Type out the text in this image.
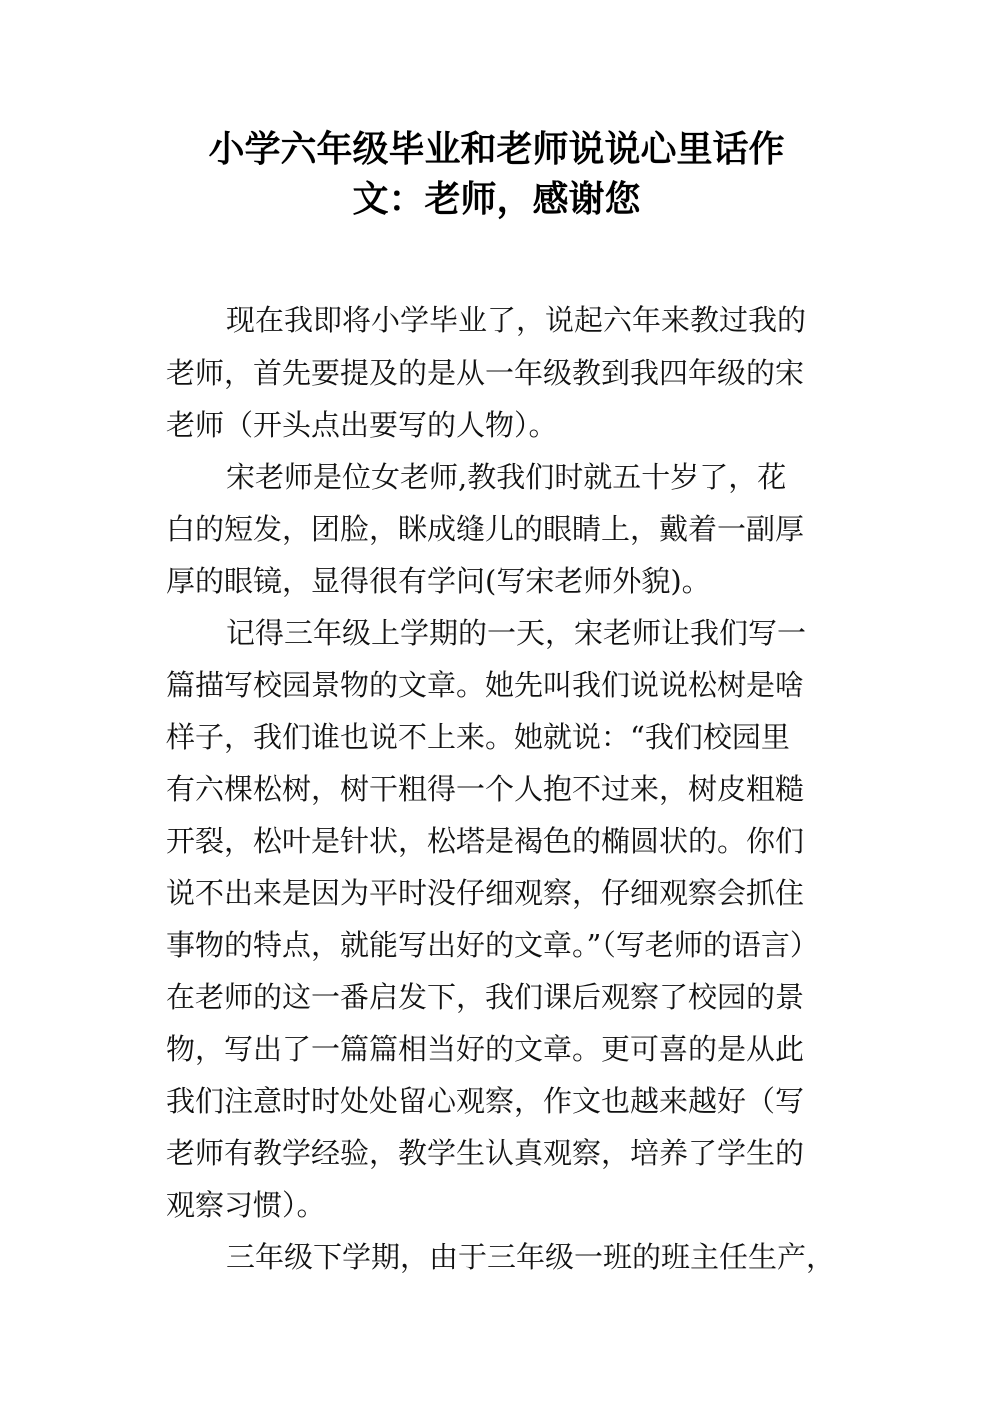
小学六年级毕业和老师说说心里话作
文：老师，感谢您
现在我即将小学毕业了，说起六年来教过我的
老师，首先要提及的是从一年级教到我四年级的宋
老师（开头点出要写的人物）。
宋老师是位女老师,教我们时就五十岁了，花
白的短发，团脸，眯成缝儿的眼睛上，戴着一副厚
厚的眼镜，显得很有学问(写宋老师外貌)。
记得三年级上学期的一天，宋老师让我们写一
篇描写校园景物的文章。她先叫我们说说松树是啥
样子，我们谁也说不上来。她就说：“我们校园里
有六棵松树，树干粗得一个人抱不过来，树皮粗糙
开裂，松叶是针状，松塔是褐色的椭圆状的。你们
说不出来是因为平时没仔细观察，仔细观察会抓住
事物的特点，就能写出好的文章。”（写老师的语言）
在老师的这一番启发下，我们课后观察了校园的景
物，写出了一篇篇相当好的文章。更可喜的是从此
我们注意时时处处留心观察，作文也越来越好（写
老师有教学经验，教学生认真观察，培养了学生的
观察习惯）。
三年级下学期，由于三年级一班的班主任生产，
